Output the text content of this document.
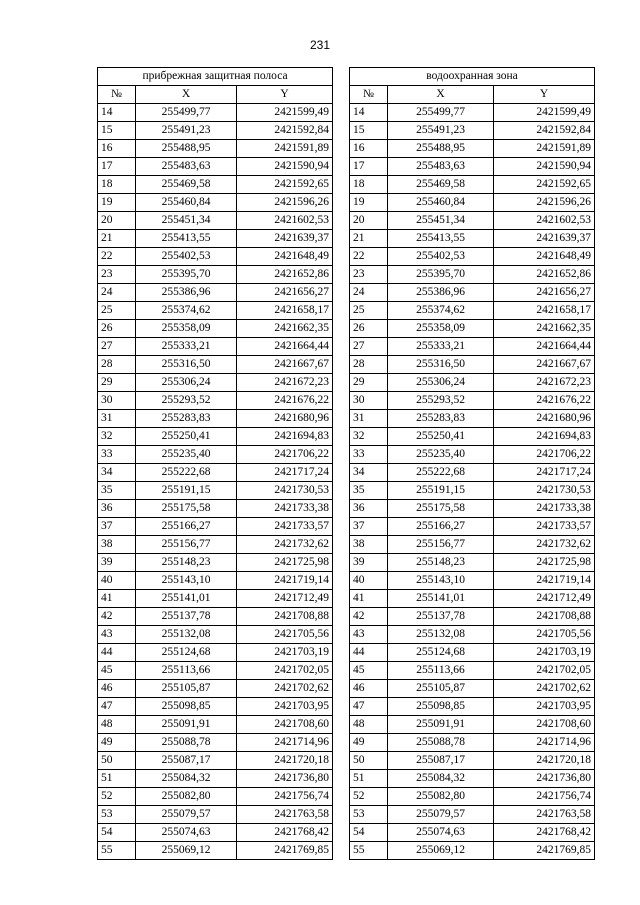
231
прибрежная защитная полоса		
№	X	Y
14	255499,77	2421599,49
15	255491,23	2421592,84
16	255488,95	2421591,89
17	255483,63	2421590,94
18	255469,58	2421592,65
19	255460,84	2421596,26
20	255451,34	2421602,53
21	255413,55	2421639,37
22	255402,53	2421648,49
23	255395,70	2421652,86
24	255386,96	2421656,27
25	255374,62	2421658,17
26	255358,09	2421662,35
27	255333,21	2421664,44
28	255316,50	2421667,67
29	255306,24	2421672,23
30	255293,52	2421676,22
31	255283,83	2421680,96
32	255250,41	2421694,83
33	255235,40	2421706,22
34	255222,68	2421717,24
35	255191,15	2421730,53
36	255175,58	2421733,38
37	255166,27	2421733,57
38	255156,77	2421732,62
39	255148,23	2421725,98
40	255143,10	2421719,14
41	255141,01	2421712,49
42	255137,78	2421708,88
43	255132,08	2421705,56
44	255124,68	2421703,19
45	255113,66	2421702,05
46	255105,87	2421702,62
47	255098,85	2421703,95
48	255091,91	2421708,60
49	255088,78	2421714,96
50	255087,17	2421720,18
51	255084,32	2421736,80
52	255082,80	2421756,74
53	255079,57	2421763,58
54	255074,63	2421768,42
55	255069,12	2421769,85
водоохранная зона		
№	X	Y
14	255499,77	2421599,49
15	255491,23	2421592,84
16	255488,95	2421591,89
17	255483,63	2421590,94
18	255469,58	2421592,65
19	255460,84	2421596,26
20	255451,34	2421602,53
21	255413,55	2421639,37
22	255402,53	2421648,49
23	255395,70	2421652,86
24	255386,96	2421656,27
25	255374,62	2421658,17
26	255358,09	2421662,35
27	255333,21	2421664,44
28	255316,50	2421667,67
29	255306,24	2421672,23
30	255293,52	2421676,22
31	255283,83	2421680,96
32	255250,41	2421694,83
33	255235,40	2421706,22
34	255222,68	2421717,24
35	255191,15	2421730,53
36	255175,58	2421733,38
37	255166,27	2421733,57
38	255156,77	2421732,62
39	255148,23	2421725,98
40	255143,10	2421719,14
41	255141,01	2421712,49
42	255137,78	2421708,88
43	255132,08	2421705,56
44	255124,68	2421703,19
45	255113,66	2421702,05
46	255105,87	2421702,62
47	255098,85	2421703,95
48	255091,91	2421708,60
49	255088,78	2421714,96
50	255087,17	2421720,18
51	255084,32	2421736,80
52	255082,80	2421756,74
53	255079,57	2421763,58
54	255074,63	2421768,42
55	255069,12	2421769,85
